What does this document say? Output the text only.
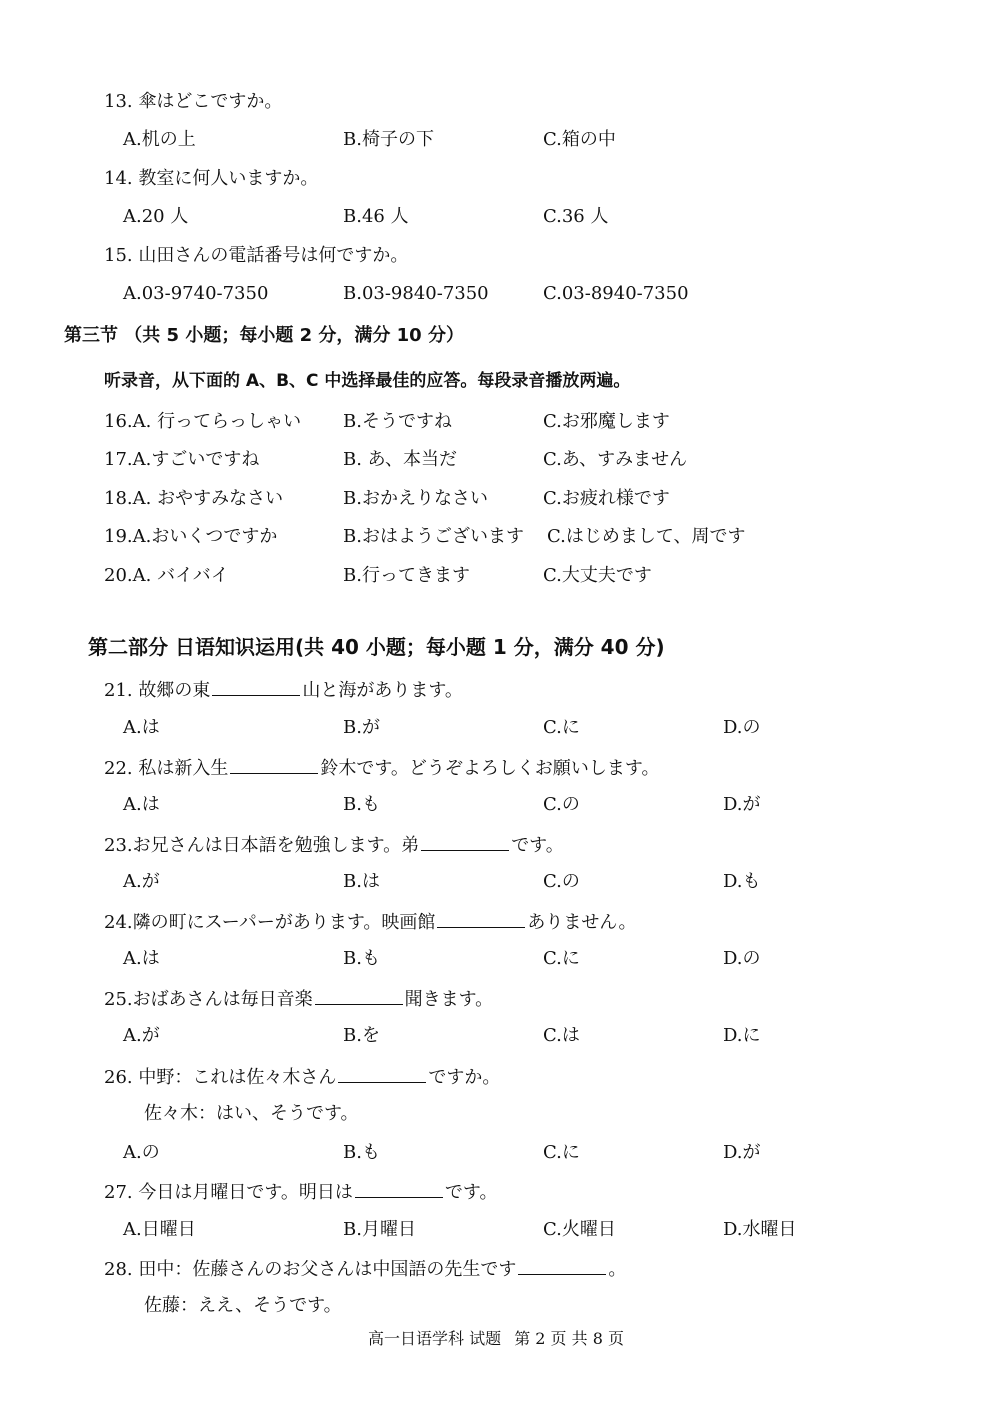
13. 傘はどこですか。
A.机の上	B.椅子の下	C.箱の中
14. 教室に何人いますか。
A.20 人	B.46 人	C.36 人
15. 山田さんの電話番号は何ですか。
A.03-9740-7350	B.03-9840-7350	C.03-8940-7350
第三节 （共 5 小题；每小题 2 分，满分 10 分）
听录音，从下面的 A、B、C 中选择最佳的应答。每段录音播放两遍。
16.A. 行ってらっしゃい B.そうですね	C.お邪魔します
17.A.すごいですね	B. あ、本当だ	C.あ、すみません
18.A. おやすみなさい	B.おかえりなさい	C.お疲れ様です
19.A.おいくつですか	B.おはようございます C.はじめまして、周です
20.A. バイバイ	B.行ってきます	C.大丈夫です
第二部分 日语知识运用(共 40 小题；每小题 1 分，满分 40 分)
21. 故郷の東	山と海があります。
A.は	B.が	C.に	D.の
22. 私は新入生	鈴木です。どうぞよろしくお願いします。
A.は	B.も	C.の	D.が
23.お兄さんは日本語を勉強します。弟	です。
A.が	B.は	C.の	D.も
24.隣の町にスーパーがあります。映画館	ありません。
A.は	B.も	C.に	D.の
25.おばあさんは毎日音楽	聞きます。
A.が	B.を	C.は	D.に
26. 中野：これは佐々木さん	ですか。
佐々木：はい、そうです。
A.の	B.も	C.に	D.が
27. 今日は月曜日です。明日は	です。
A.日曜日	B.月曜日	C.火曜日	D.水曜日
28. 田中：佐藤さんのお父さんは中国語の先生です	。
佐藤：ええ、そうです。
高一日语学科 试题 第 2 页 共 8 页
